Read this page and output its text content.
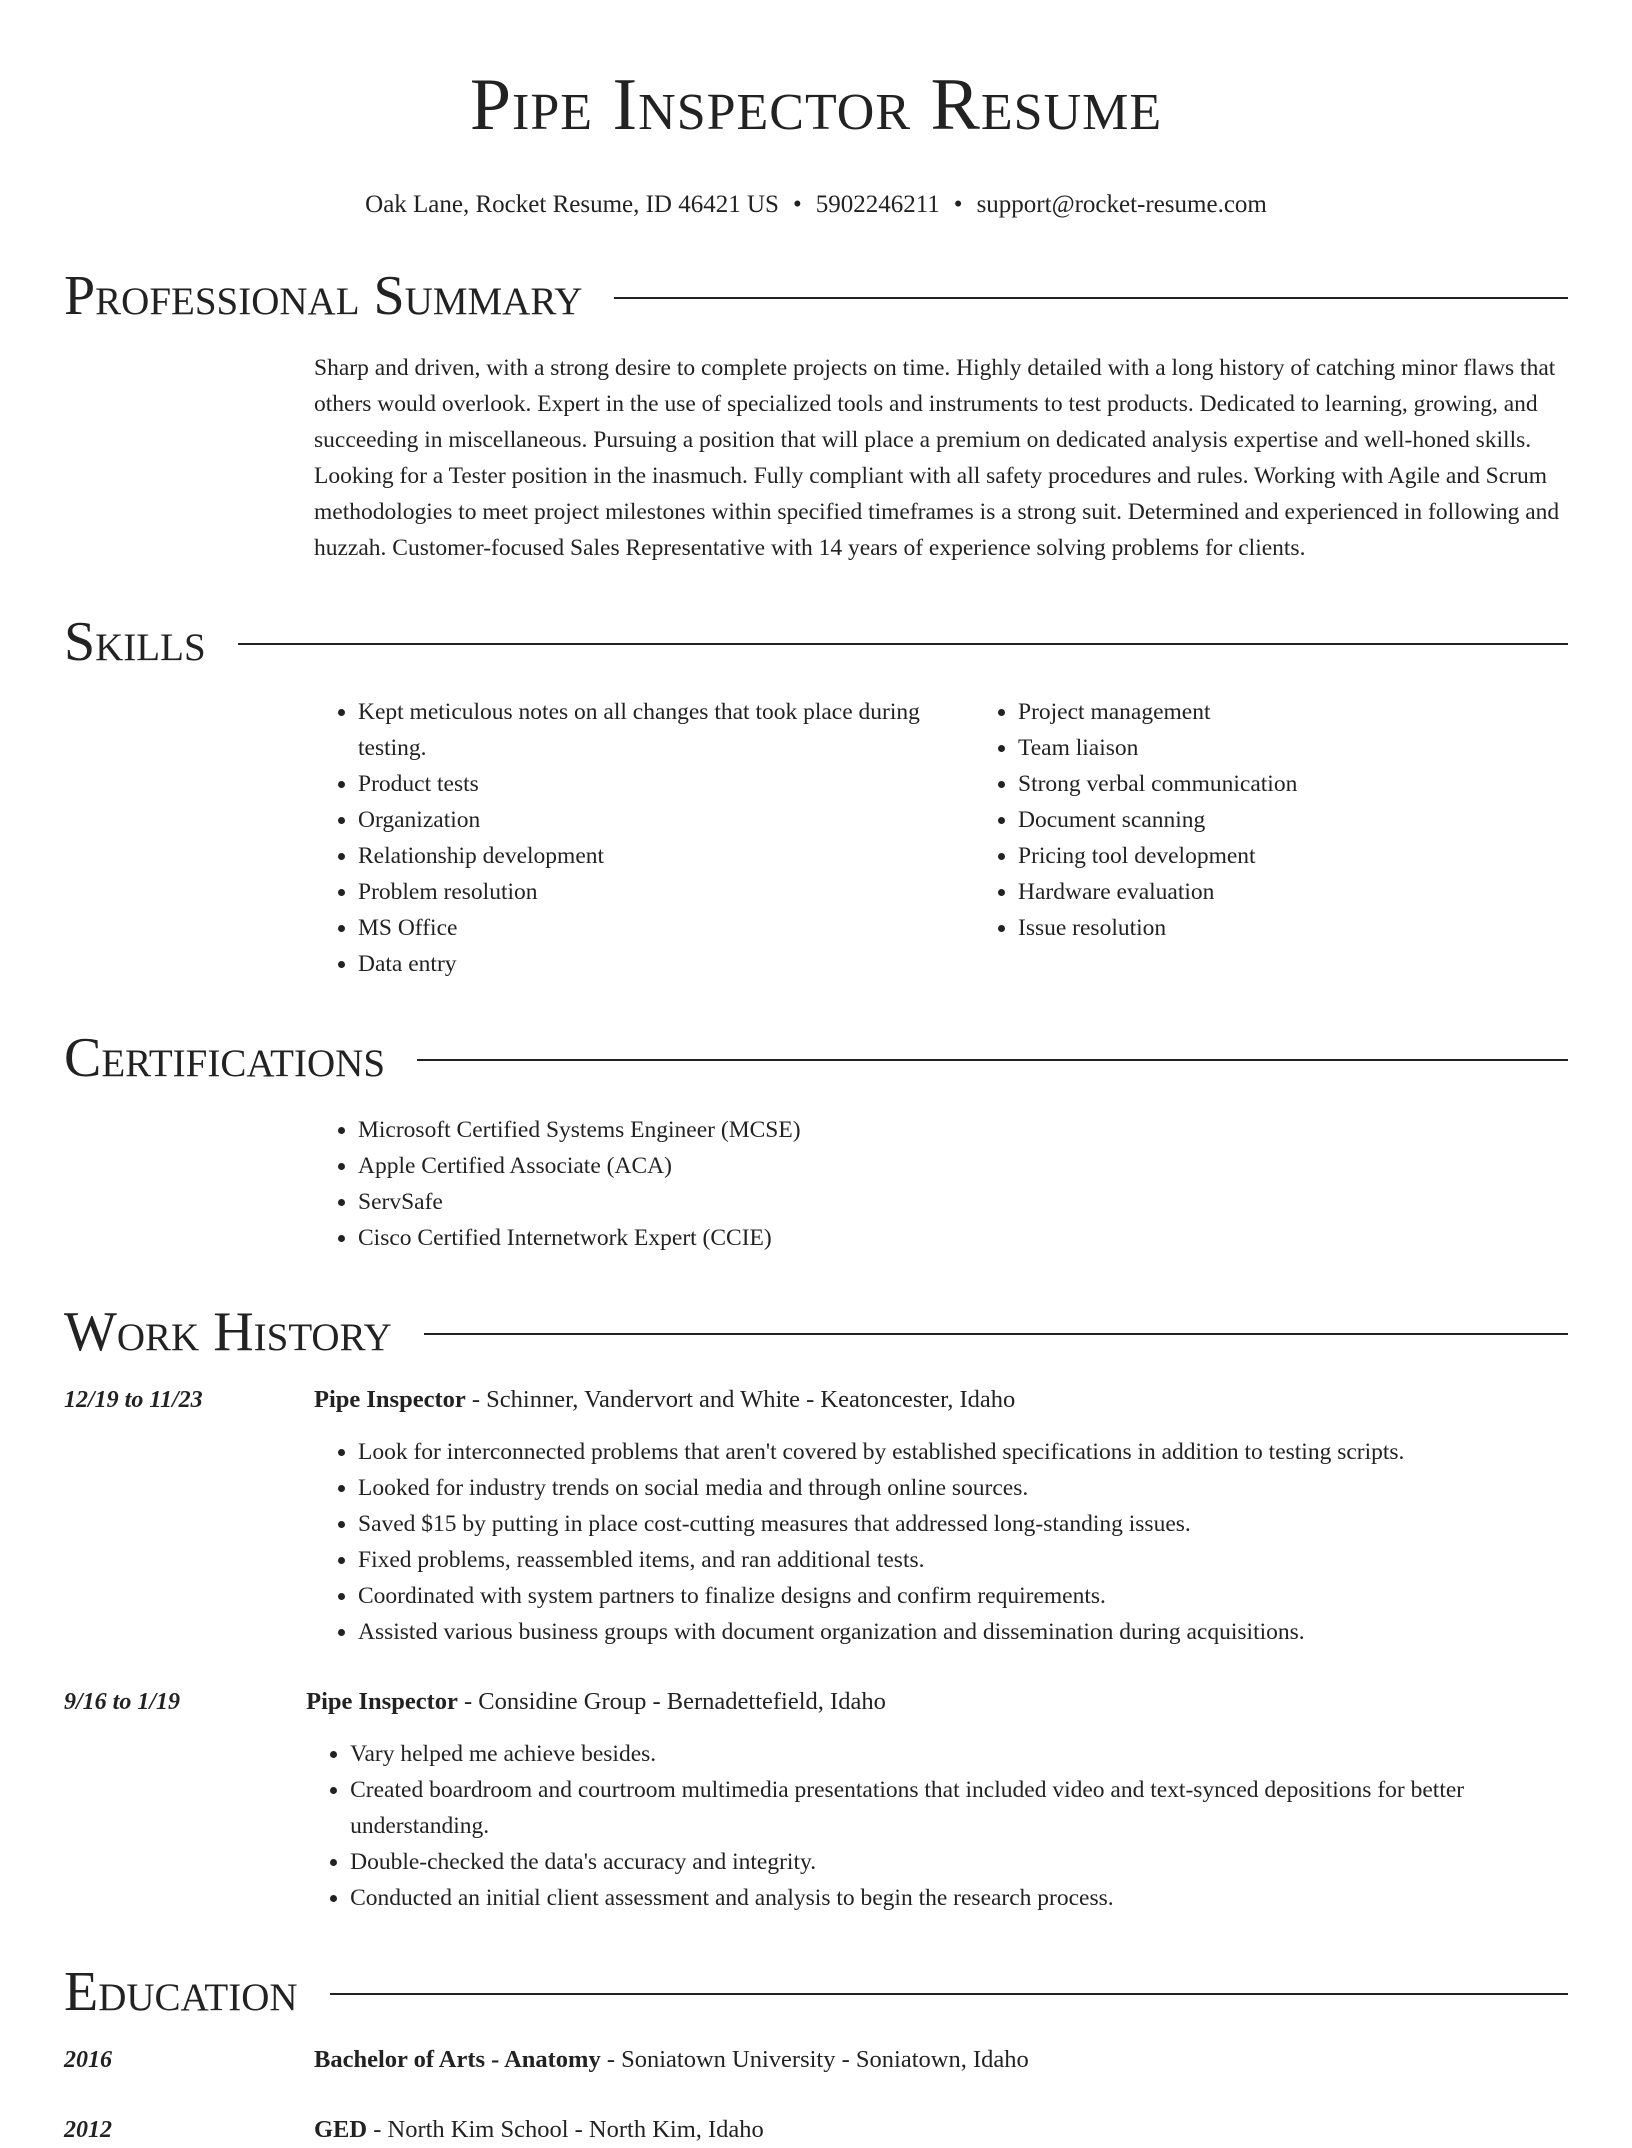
Pipe Inspector Resume
Oak Lane, Rocket Resume, ID 46421 US • 5902246211 • support@rocket-resume.com
Professional Summary
Sharp and driven, with a strong desire to complete projects on time. Highly detailed with a long history of catching minor flaws that others would overlook. Expert in the use of specialized tools and instruments to test products. Dedicated to learning, growing, and succeeding in miscellaneous. Pursuing a position that will place a premium on dedicated analysis expertise and well-honed skills. Looking for a Tester position in the inasmuch. Fully compliant with all safety procedures and rules. Working with Agile and Scrum methodologies to meet project milestones within specified timeframes is a strong suit. Determined and experienced in following and huzzah. Customer-focused Sales Representative with 14 years of experience solving problems for clients.
Skills
• Kept meticulous notes on all changes that took place during testing.
• Product tests
• Organization
• Relationship development
• Problem resolution
• MS Office
• Data entry
• Project management
• Team liaison
• Strong verbal communication
• Document scanning
• Pricing tool development
• Hardware evaluation
• Issue resolution
Certifications
• Microsoft Certified Systems Engineer (MCSE)
• Apple Certified Associate (ACA)
• ServSafe
• Cisco Certified Internetwork Expert (CCIE)
Work History
12/19 to 11/23	Pipe Inspector - Schinner, Vandervort and White - Keatoncester, Idaho
• Look for interconnected problems that aren't covered by established specifications in addition to testing scripts.
• Looked for industry trends on social media and through online sources.
• Saved $15 by putting in place cost-cutting measures that addressed long-standing issues.
• Fixed problems, reassembled items, and ran additional tests.
• Coordinated with system partners to finalize designs and confirm requirements.
• Assisted various business groups with document organization and dissemination during acquisitions.
9/16 to 1/19	Pipe Inspector - Considine Group - Bernadettefield, Idaho
• Vary helped me achieve besides.
• Created boardroom and courtroom multimedia presentations that included video and text-synced depositions for better understanding.
• Double-checked the data's accuracy and integrity.
• Conducted an initial client assessment and analysis to begin the research process.
Education
2016	Bachelor of Arts - Anatomy - Soniatown University - Soniatown, Idaho
2012	GED - North Kim School - North Kim, Idaho
